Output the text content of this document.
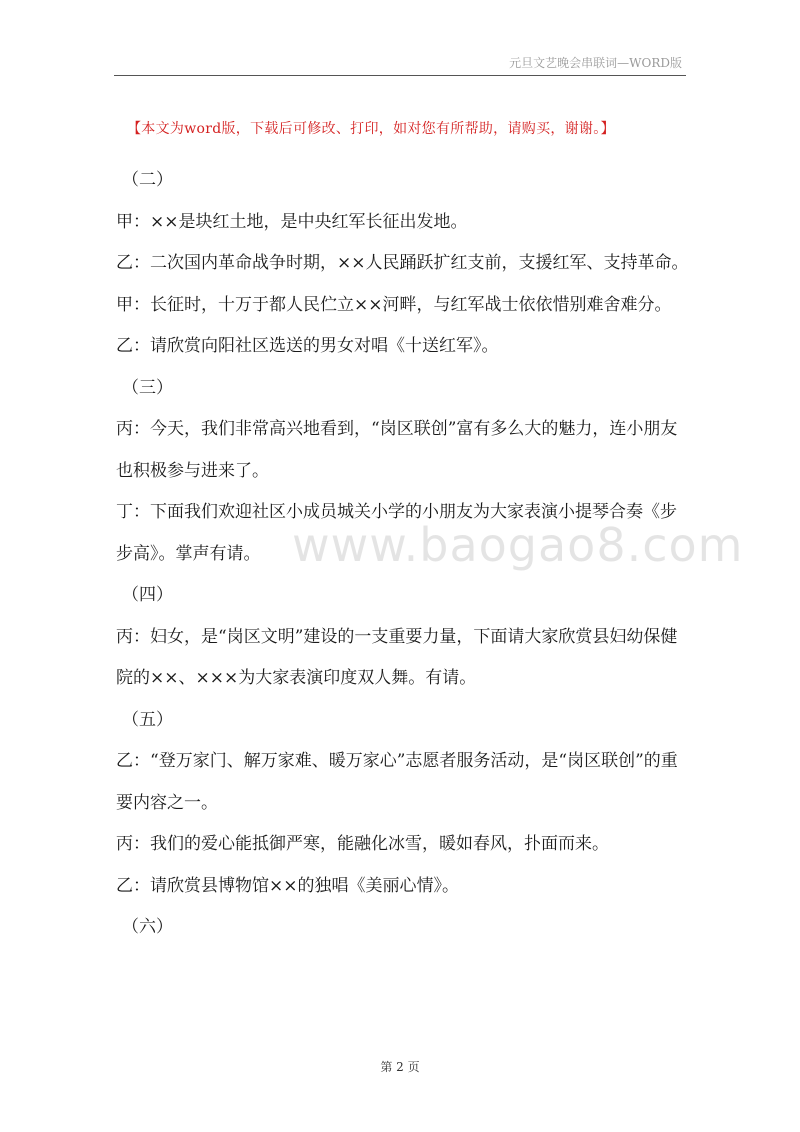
元旦文艺晚会串联词—WORD版
【本文为word版，下载后可修改、打印，如对您有所帮助，请购买，谢谢。】

（二）

甲：××是块红土地，是中央红军长征出发地。

乙：二次国内革命战争时期，××人民踊跃扩红支前，支援红军、支持革命。

甲：长征时，十万于都人民伫立××河畔，与红军战士依依惜别难舍难分。

乙：请欣赏向阳社区选送的男女对唱《十送红军》。

（三）

丙：今天，我们非常高兴地看到，“岗区联创”富有多么大的魅力，连小朋友也积极参与进来了。

丁：下面我们欢迎社区小成员城关小学的小朋友为大家表演小提琴合奏《步步高》。掌声有请。

（四）

丙：妇女，是“岗区文明”建设的一支重要力量，下面请大家欣赏县妇幼保健院的××、×××为大家表演印度双人舞。有请。

（五）

乙：“登万家门、解万家难、暖万家心”志愿者服务活动，是“岗区联创”的重要内容之一。

丙：我们的爱心能抵御严寒，能融化冰雪，暖如春风，扑面而来。

乙：请欣赏县博物馆××的独唱《美丽心情》。

（六）

www.baogao8.com
第 2 页
